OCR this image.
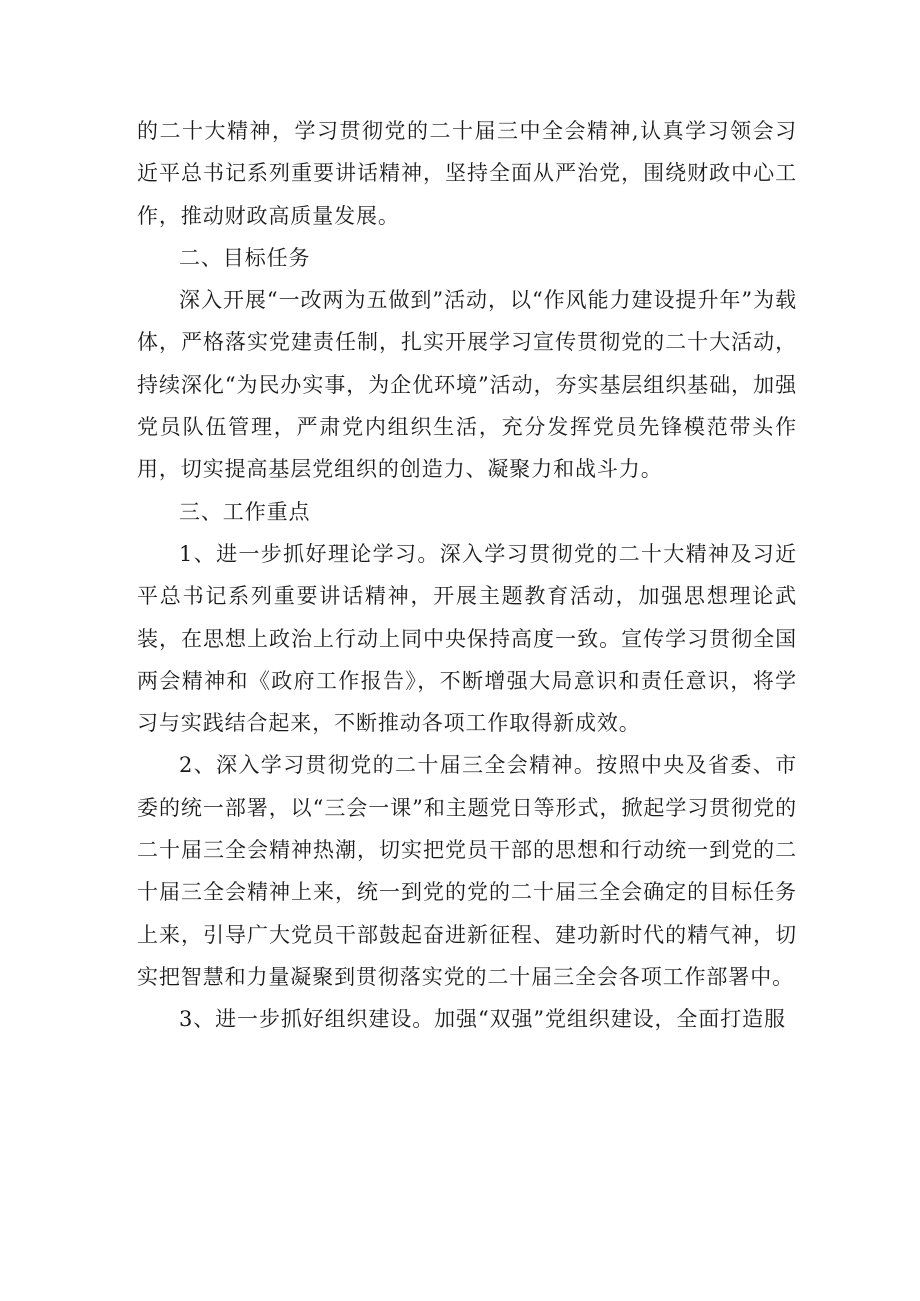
的二十大精神，学习贯彻党的二十届三中全会精神,认真学习领会习近平总书记系列重要讲话精神，坚持全面从严治党，围绕财政中心工作，推动财政高质量发展。

二、目标任务

深入开展“一改两为五做到”活动，以“作风能力建设提升年”为载体，严格落实党建责任制，扎实开展学习宣传贯彻党的二十大活动，持续深化“为民办实事，为企优环境”活动，夯实基层组织基础，加强党员队伍管理，严肃党内组织生活，充分发挥党员先锋模范带头作用，切实提高基层党组织的创造力、凝聚力和战斗力。

三、工作重点

1、进一步抓好理论学习。深入学习贯彻党的二十大精神及习近平总书记系列重要讲话精神，开展主题教育活动，加强思想理论武装，在思想上政治上行动上同中央保持高度一致。宣传学习贯彻全国两会精神和《政府工作报告》，不断增强大局意识和责任意识，将学习与实践结合起来，不断推动各项工作取得新成效。

2、深入学习贯彻党的二十届三全会精神。按照中央及省委、市委的统一部署，以“三会一课”和主题党日等形式，掀起学习贯彻党的二十届三全会精神热潮，切实把党员干部的思想和行动统一到党的二十届三全会精神上来，统一到党的党的二十届三全会确定的目标任务上来，引导广大党员干部鼓起奋进新征程、建功新时代的精气神，切实把智慧和力量凝聚到贯彻落实党的二十届三全会各项工作部署中。

3、进一步抓好组织建设。加强“双强”党组织建设，全面打造服
